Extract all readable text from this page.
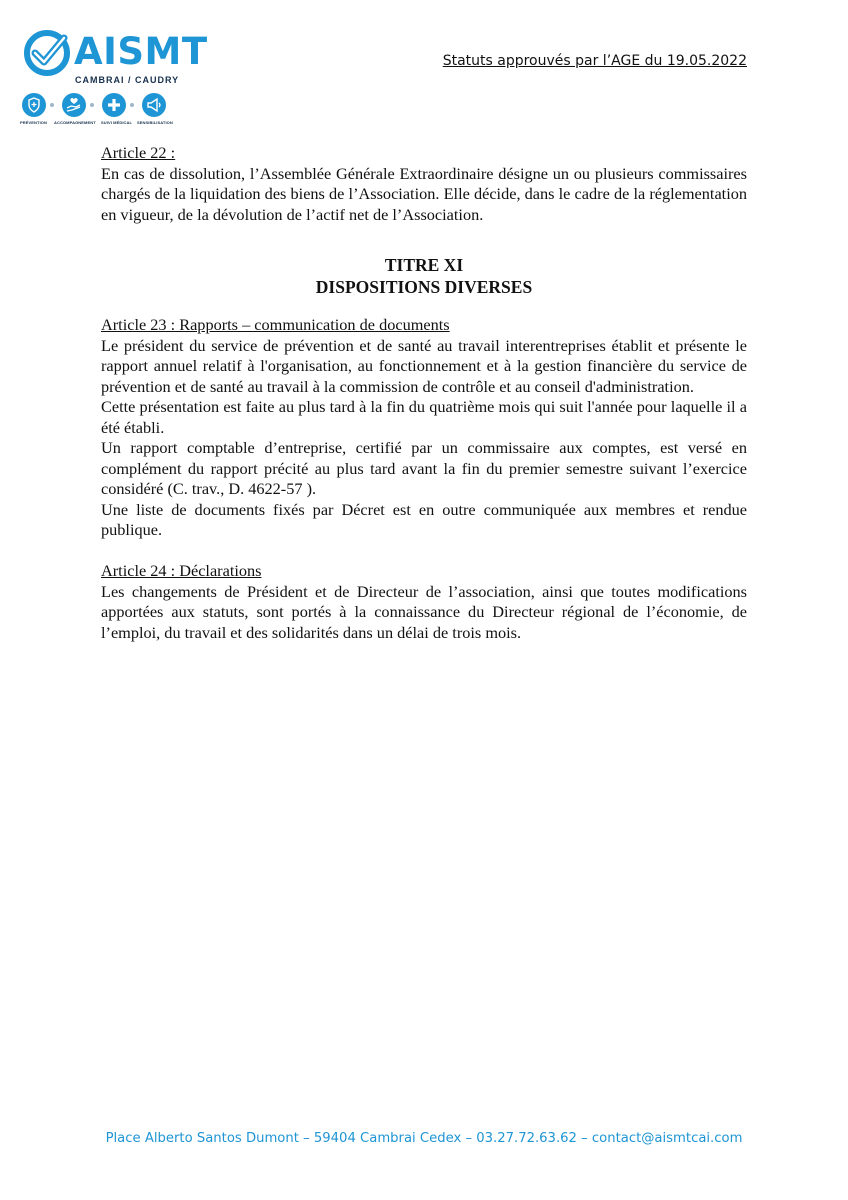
AISMT
CAMBRAI / CAUDRY
PRÉVENTION ACCOMPAGNEMENT SUIVI MÉDICAL SENSIBILISATION
Statuts approuvés par l’AGE du 19.05.2022
Article 22 :

En cas de dissolution, l’Assemblée Générale Extraordinaire désigne un ou plusieurs commissaires chargés de la liquidation des biens de l’Association. Elle décide, dans le cadre de la réglementation en vigueur, de la dévolution de l’actif net de l’Association.

TITRE XI
DISPOSITIONS DIVERSES
Article 23 : Rapports – communication de documents

Le président du service de prévention et de santé au travail interentreprises établit et présente le rapport annuel relatif à l'organisation, au fonctionnement et à la gestion financière du service de prévention et de santé au travail à la commission de contrôle et au conseil d'administration.

Cette présentation est faite au plus tard à la fin du quatrième mois qui suit l'année pour laquelle il a été établi.

Un rapport comptable d’entreprise, certifié par un commissaire aux comptes, est versé en complément du rapport précité au plus tard avant la fin du premier semestre suivant l’exercice considéré (C. trav., D. 4622-57 ).

Une liste de documents fixés par Décret est en outre communiquée aux membres et rendue publique.

Article 24 : Déclarations

Les changements de Président et de Directeur de l’association, ainsi que toutes modifications apportées aux statuts, sont portés à la connaissance du Directeur régional de l’économie, de l’emploi, du travail et des solidarités dans un délai de trois mois.

Place Alberto Santos Dumont – 59404 Cambrai Cedex – 03.27.72.63.62 – contact@aismtcai.com
